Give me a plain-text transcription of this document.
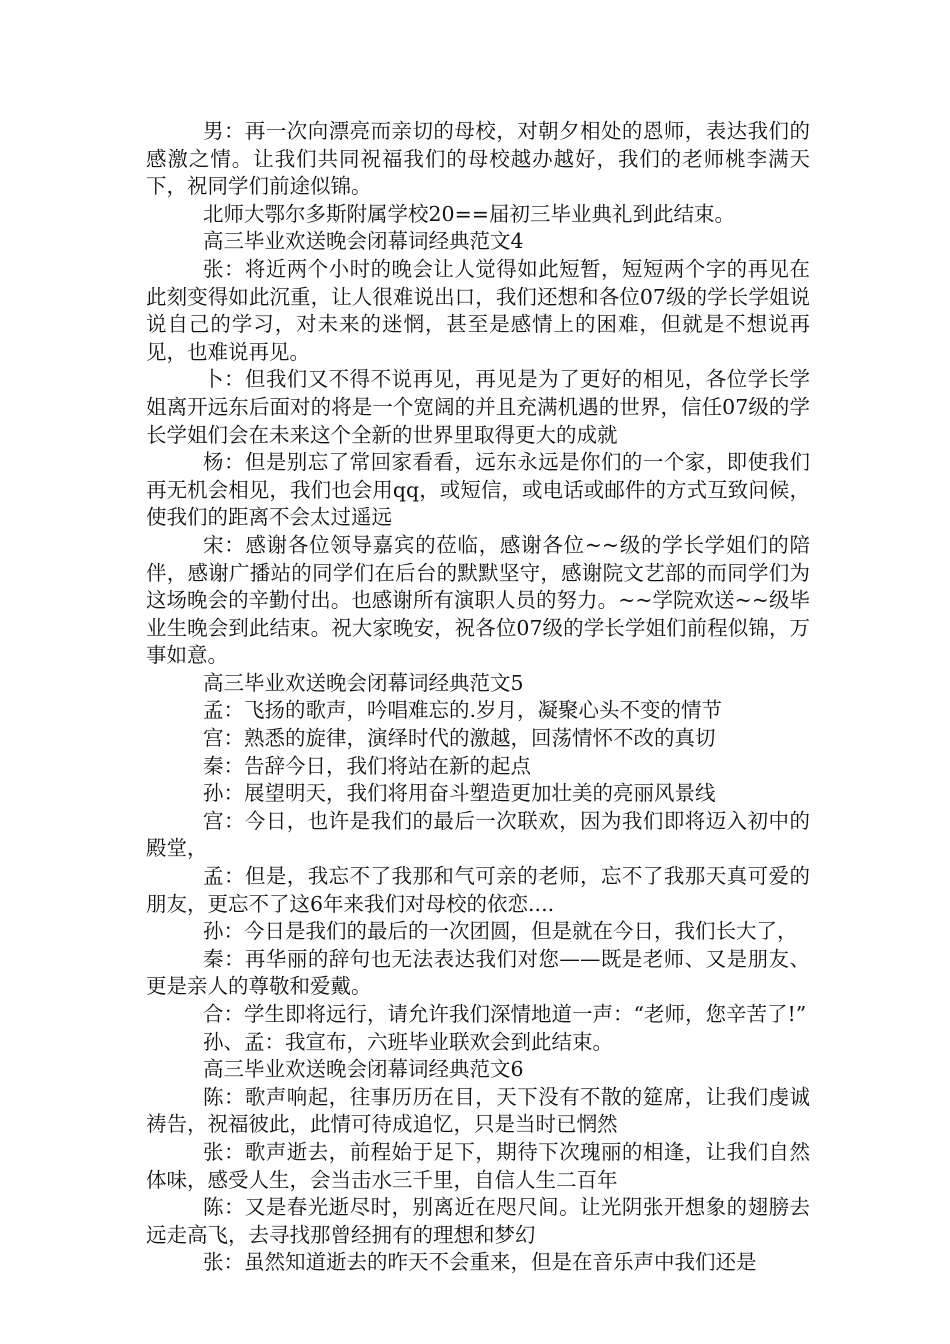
男：再一次向漂亮而亲切的母校，对朝夕相处的恩师，表达我们的感激之情。让我们共同祝福我们的母校越办越好，我们的老师桃李满天下，祝同学们前途似锦。

北师大鄂尔多斯附属学校20==届初三毕业典礼到此结束。

高三毕业欢送晚会闭幕词经典范文4

张：将近两个小时的晚会让人觉得如此短暂，短短两个字的再见在此刻变得如此沉重，让人很难说出口，我们还想和各位07级的学长学姐说说自己的学习，对未来的迷惘，甚至是感情上的困难，但就是不想说再见，也难说再见。

卜：但我们又不得不说再见，再见是为了更好的相见，各位学长学姐离开远东后面对的将是一个宽阔的并且充满机遇的世界，信任07级的学长学姐们会在未来这个全新的世界里取得更大的成就

杨：但是别忘了常回家看看，远东永远是你们的一个家，即使我们再无机会相见，我们也会用qq，或短信，或电话或邮件的方式互致问候，使我们的距离不会太过遥远

宋：感谢各位领导嘉宾的莅临，感谢各位~~级的学长学姐们的陪伴，感谢广播站的同学们在后台的默默坚守，感谢院文艺部的而同学们为这场晚会的辛勤付出。也感谢所有演职人员的努力。~~学院欢送~~级毕业生晚会到此结束。祝大家晚安，祝各位07级的学长学姐们前程似锦，万事如意。

高三毕业欢送晚会闭幕词经典范文5

孟：飞扬的歌声，吟唱难忘的.岁月，凝聚心头不变的情节

宫：熟悉的旋律，演绎时代的激越，回荡情怀不改的真切

秦：告辞今日，我们将站在新的起点

孙：展望明天，我们将用奋斗塑造更加壮美的亮丽风景线

宫：今日，也许是我们的最后一次联欢，因为我们即将迈入初中的殿堂，

孟：但是，我忘不了我那和气可亲的老师，忘不了我那天真可爱的朋友，更忘不了这6年来我们对母校的依恋....

孙：今日是我们的最后的一次团圆，但是就在今日，我们长大了，

秦：再华丽的辞句也无法表达我们对您——既是老师、又是朋友、更是亲人的尊敬和爱戴。

合：学生即将远行，请允许我们深情地道一声：“老师，您辛苦了!”

孙、孟：我宣布，六班毕业联欢会到此结束。

高三毕业欢送晚会闭幕词经典范文6

陈：歌声响起，往事历历在目，天下没有不散的筵席，让我们虔诚祷告，祝福彼此，此情可待成追忆，只是当时已惘然

张：歌声逝去，前程始于足下，期待下次瑰丽的相逢，让我们自然体味，感受人生，会当击水三千里，自信人生二百年

陈：又是春光逝尽时，别离近在咫尺间。让光阴张开想象的翅膀去远走高飞，去寻找那曾经拥有的理想和梦幻

张：虽然知道逝去的昨天不会重来，但是在音乐声中我们还是
